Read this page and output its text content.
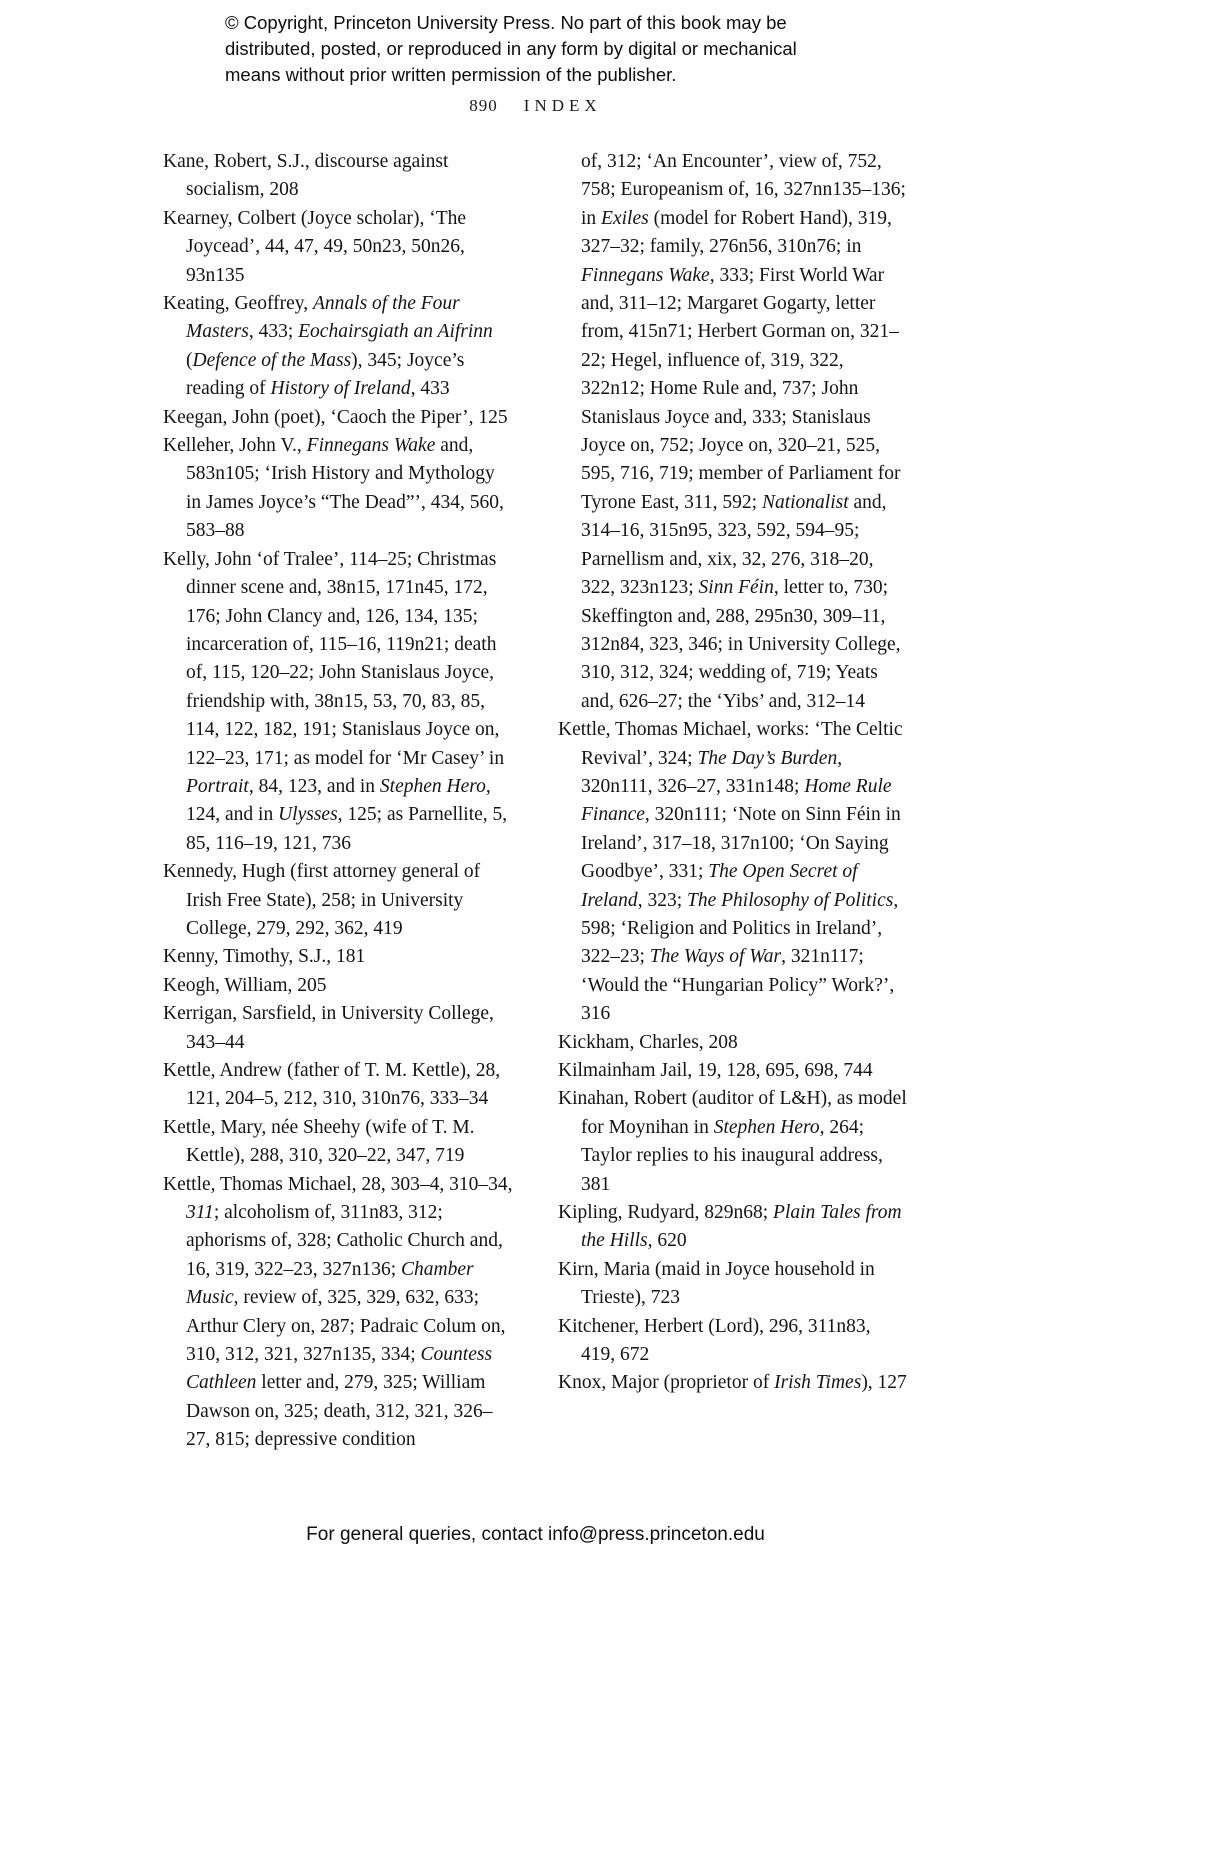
© Copyright, Princeton University Press. No part of this book may be distributed, posted, or reproduced in any form by digital or mechanical means without prior written permission of the publisher.
890 INDEX

Kane, Robert, S.J., discourse against socialism, 208

Kearney, Colbert (Joyce scholar), ‘The Joycead’, 44, 47, 49, 50n23, 50n26, 93n135

Keating, Geoffrey, Annals of the Four Masters, 433; Eochairsgiath an Aifrinn (Defence of the Mass), 345; Joyce’s reading of History of Ireland, 433

Keegan, John (poet), ‘Caoch the Piper’, 125

Kelleher, John V., Finnegans Wake and, 583n105; ‘Irish History and Mythology in James Joyce’s “The Dead”’, 434, 560, 583–88

Kelly, John ‘of Tralee’, 114–25; Christmas dinner scene and, 38n15, 171n45, 172, 176; John Clancy and, 126, 134, 135; incarceration of, 115–16, 119n21; death of, 115, 120–22; John Stanislaus Joyce, friendship with, 38n15, 53, 70, 83, 85, 114, 122, 182, 191; Stanislaus Joyce on, 122–23, 171; as model for ‘Mr Casey’ in Portrait, 84, 123, and in Stephen Hero, 124, and in Ulysses, 125; as Parnellite, 5, 85, 116–19, 121, 736

Kennedy, Hugh (first attorney general of Irish Free State), 258; in University College, 279, 292, 362, 419

Kenny, Timothy, S.J., 181

Keogh, William, 205

Kerrigan, Sarsfield, in University College, 343–44

Kettle, Andrew (father of T. M. Kettle), 28, 121, 204–5, 212, 310, 310n76, 333–34

Kettle, Mary, née Sheehy (wife of T. M. Kettle), 288, 310, 320–22, 347, 719

Kettle, Thomas Michael, 28, 303–4, 310–34, 311; alcoholism of, 311n83, 312; aphorisms of, 328; Catholic Church and, 16, 319, 322–23, 327n136; Chamber Music, review of, 325, 329, 632, 633; Arthur Clery on, 287; Padraic Colum on, 310, 312, 321, 327n135, 334; Countess Cathleen letter and, 279, 325; William Dawson on, 325; death, 312, 321, 326–27, 815; depressive condition

of, 312; ‘An Encounter’, view of, 752, 758; Europeanism of, 16, 327nn135–136; in Exiles (model for Robert Hand), 319, 327–32; family, 276n56, 310n76; in Finnegans Wake, 333; First World War and, 311–12; Margaret Gogarty, letter from, 415n71; Herbert Gorman on, 321–22; Hegel, influence of, 319, 322, 322n12; Home Rule and, 737; John Stanislaus Joyce and, 333; Stanislaus Joyce on, 752; Joyce on, 320–21, 525, 595, 716, 719; member of Parliament for Tyrone East, 311, 592; Nationalist and, 314–16, 315n95, 323, 592, 594–95; Parnellism and, xix, 32, 276, 318–20, 322, 323n123; Sinn Féin, letter to, 730; Skeffington and, 288, 295n30, 309–11, 312n84, 323, 346; in University College, 310, 312, 324; wedding of, 719; Yeats and, 626–27; the ‘Yibs’ and, 312–14

Kettle, Thomas Michael, works: ‘The Celtic Revival’, 324; The Day’s Burden, 320n111, 326–27, 331n148; Home Rule Finance, 320n111; ‘Note on Sinn Féin in Ireland’, 317–18, 317n100; ‘On Saying Goodbye’, 331; The Open Secret of Ireland, 323; The Philosophy of Politics, 598; ‘Religion and Politics in Ireland’, 322–23; The Ways of War, 321n117; ‘Would the “Hungarian Policy” Work?’, 316

Kickham, Charles, 208

Kilmainham Jail, 19, 128, 695, 698, 744

Kinahan, Robert (auditor of L&H), as model for Moynihan in Stephen Hero, 264; Taylor replies to his inaugural address, 381

Kipling, Rudyard, 829n68; Plain Tales from the Hills, 620

Kirn, Maria (maid in Joyce household in Trieste), 723

Kitchener, Herbert (Lord), 296, 311n83, 419, 672

Knox, Major (proprietor of Irish Times), 127

For general queries, contact info@press.princeton.edu
